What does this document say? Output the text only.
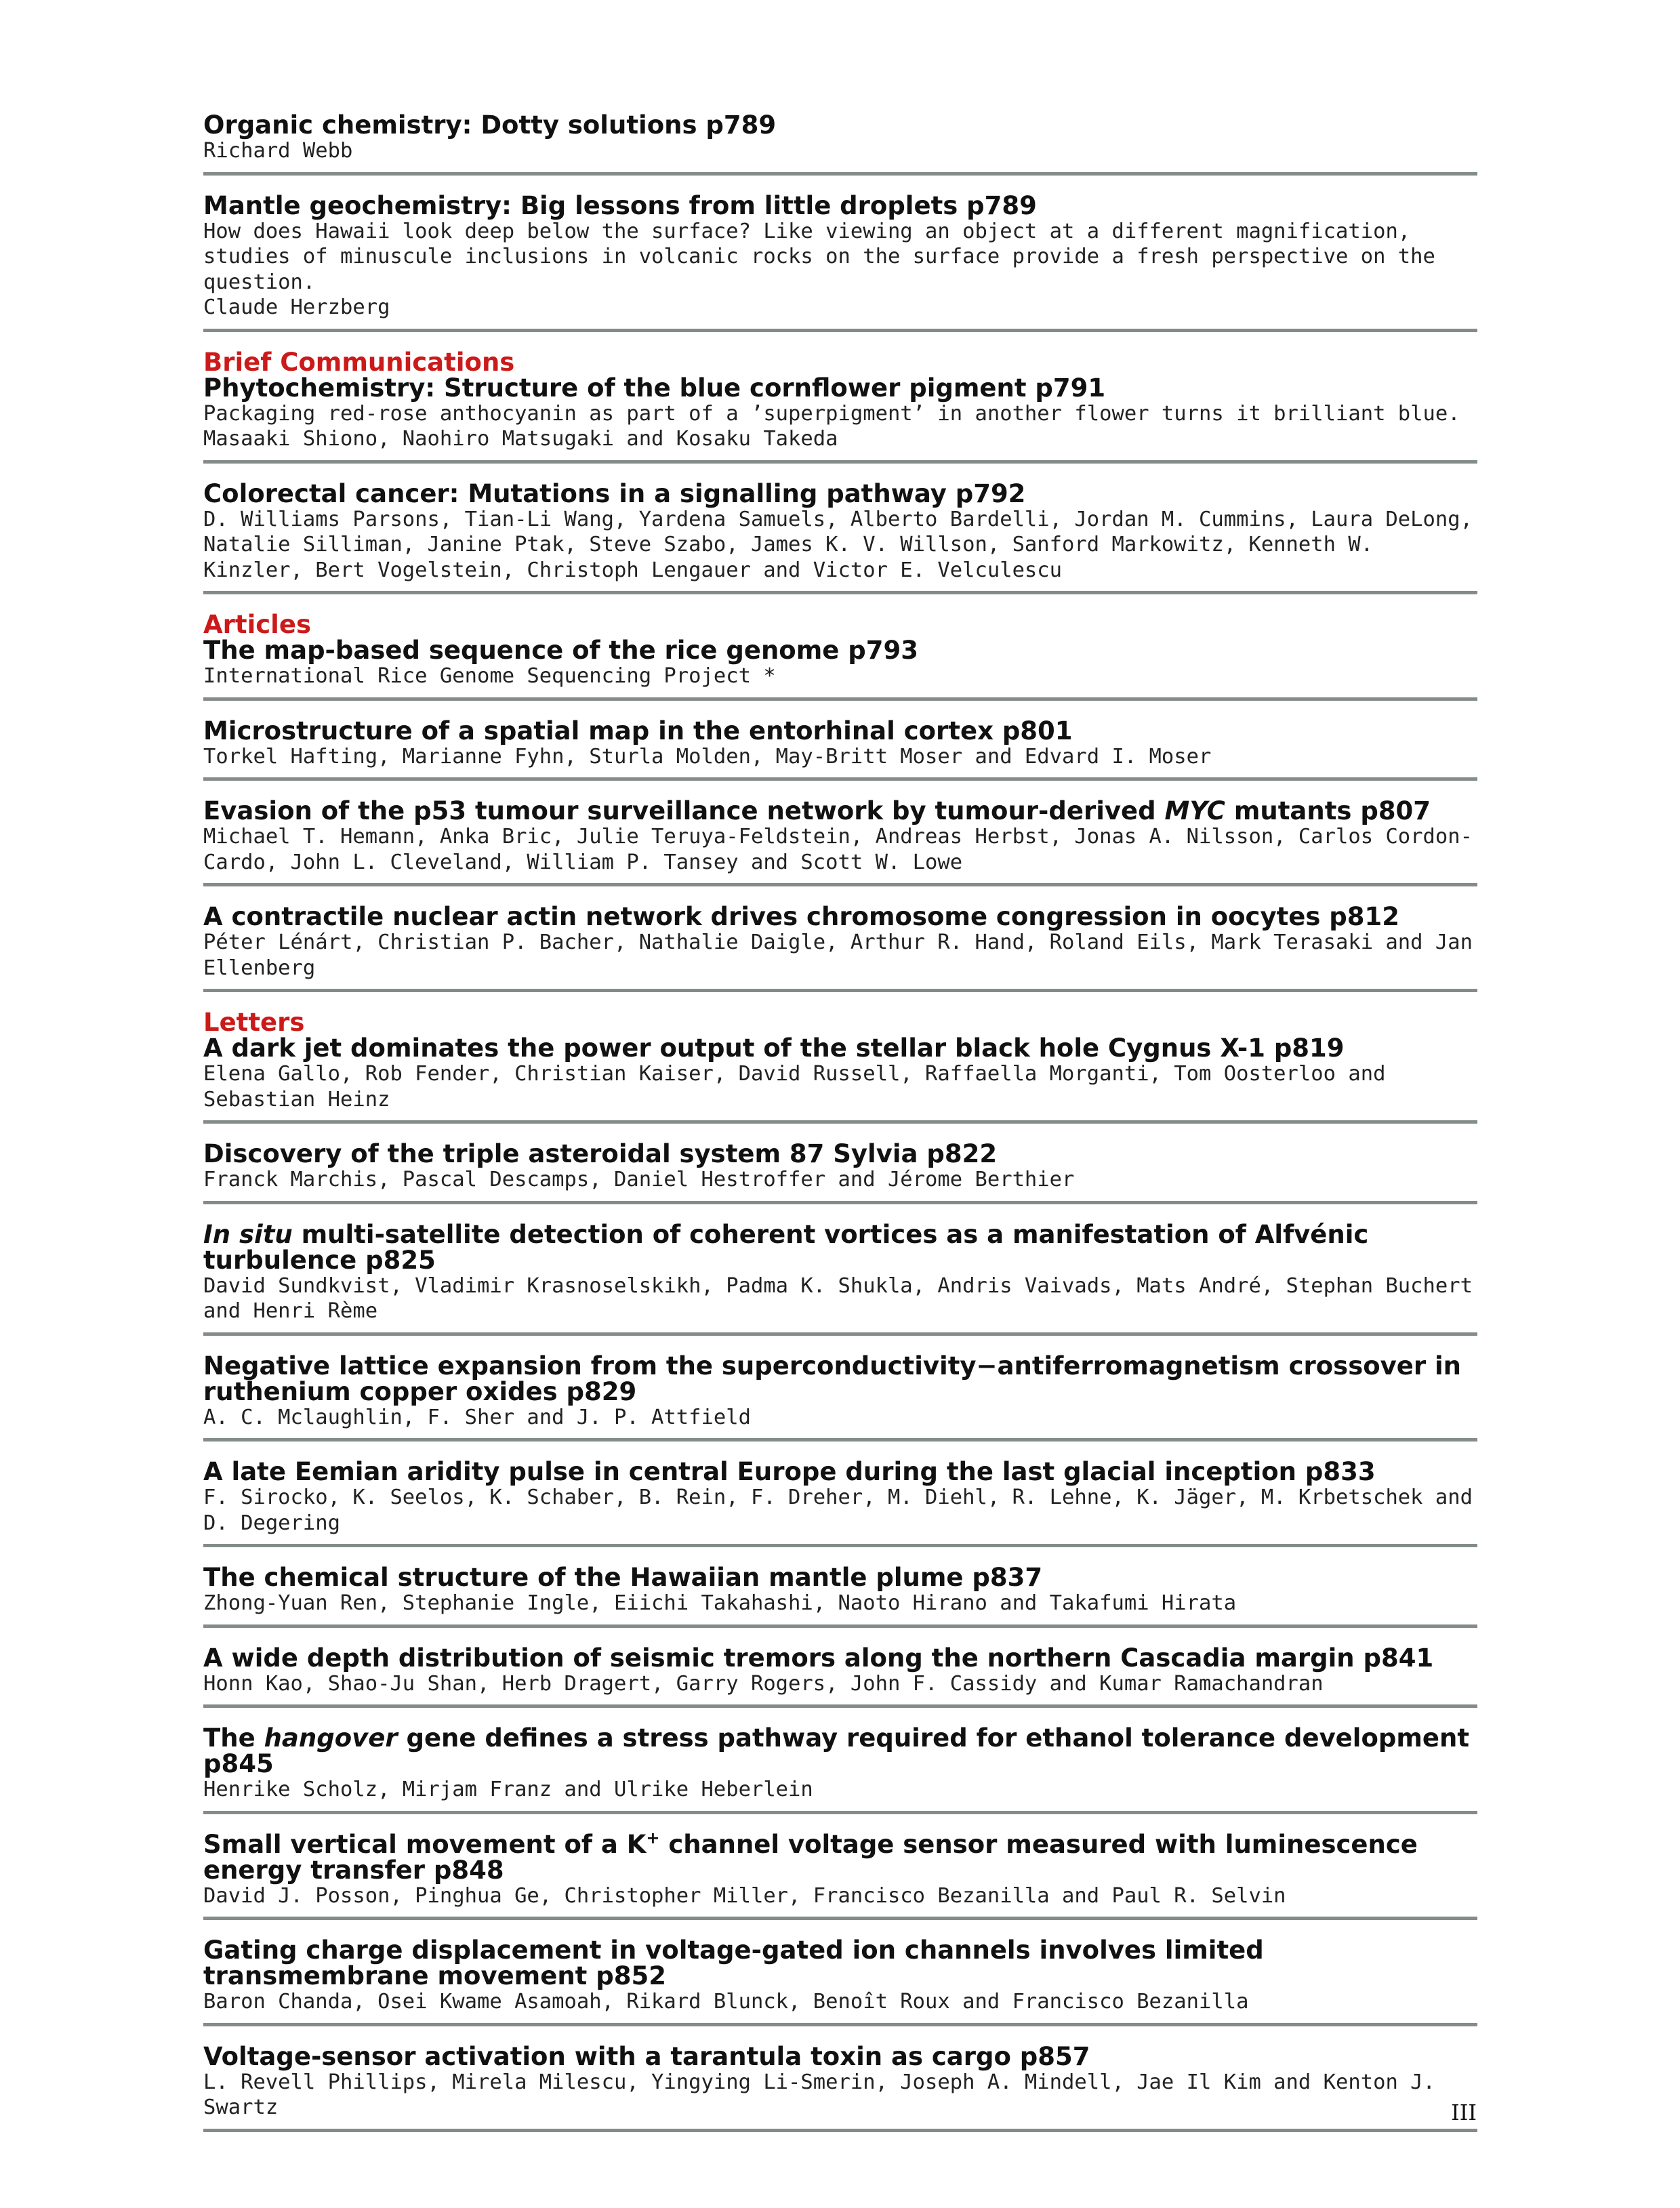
Organic chemistry: Dotty solutions p789
Richard Webb
Mantle geochemistry: Big lessons from little droplets p789
How does Hawaii look deep below the surface? Like viewing an object at a different magnification, studies of minuscule inclusions in volcanic rocks on the surface provide a fresh perspective on the question.
Claude Herzberg
Brief Communications
Phytochemistry: Structure of the blue cornflower pigment p791
Packaging red-rose anthocyanin as part of a ’superpigment’ in another flower turns it brilliant blue.
Masaaki Shiono, Naohiro Matsugaki and Kosaku Takeda
Colorectal cancer: Mutations in a signalling pathway p792
D. Williams Parsons, Tian-Li Wang, Yardena Samuels, Alberto Bardelli, Jordan M. Cummins, Laura DeLong, Natalie Silliman, Janine Ptak, Steve Szabo, James K. V. Willson, Sanford Markowitz, Kenneth W. Kinzler, Bert Vogelstein, Christoph Lengauer and Victor E. Velculescu
Articles
The map-based sequence of the rice genome p793
International Rice Genome Sequencing Project *
Microstructure of a spatial map in the entorhinal cortex p801
Torkel Hafting, Marianne Fyhn, Sturla Molden, May-Britt Moser and Edvard I. Moser
Evasion of the p53 tumour surveillance network by tumour-derived MYC mutants p807
Michael T. Hemann, Anka Bric, Julie Teruya-Feldstein, Andreas Herbst, Jonas A. Nilsson, Carlos Cordon-Cardo, John L. Cleveland, William P. Tansey and Scott W. Lowe
A contractile nuclear actin network drives chromosome congression in oocytes p812
Péter Lénárt, Christian P. Bacher, Nathalie Daigle, Arthur R. Hand, Roland Eils, Mark Terasaki and Jan Ellenberg
Letters
A dark jet dominates the power output of the stellar black hole Cygnus X-1 p819
Elena Gallo, Rob Fender, Christian Kaiser, David Russell, Raffaella Morganti, Tom Oosterloo and Sebastian Heinz
Discovery of the triple asteroidal system 87 Sylvia p822
Franck Marchis, Pascal Descamps, Daniel Hestroffer and Jérome Berthier
In situ multi-satellite detection of coherent vortices as a manifestation of Alfvénic turbulence p825
David Sundkvist, Vladimir Krasnoselskikh, Padma K. Shukla, Andris Vaivads, Mats André, Stephan Buchert and Henri Rème
Negative lattice expansion from the superconductivity−antiferromagnetism crossover in ruthenium copper oxides p829
A. C. Mclaughlin, F. Sher and J. P. Attfield
A late Eemian aridity pulse in central Europe during the last glacial inception p833
F. Sirocko, K. Seelos, K. Schaber, B. Rein, F. Dreher, M. Diehl, R. Lehne, K. Jäger, M. Krbetschek and D. Degering
The chemical structure of the Hawaiian mantle plume p837
Zhong-Yuan Ren, Stephanie Ingle, Eiichi Takahashi, Naoto Hirano and Takafumi Hirata
A wide depth distribution of seismic tremors along the northern Cascadia margin p841
Honn Kao, Shao-Ju Shan, Herb Dragert, Garry Rogers, John F. Cassidy and Kumar Ramachandran
The hangover gene defines a stress pathway required for ethanol tolerance development p845
Henrike Scholz, Mirjam Franz and Ulrike Heberlein
Small vertical movement of a K+ channel voltage sensor measured with luminescence energy transfer p848
David J. Posson, Pinghua Ge, Christopher Miller, Francisco Bezanilla and Paul R. Selvin
Gating charge displacement in voltage-gated ion channels involves limited transmembrane movement p852
Baron Chanda, Osei Kwame Asamoah, Rikard Blunck, Benoît Roux and Francisco Bezanilla
Voltage-sensor activation with a tarantula toxin as cargo p857
L. Revell Phillips, Mirela Milescu, Yingying Li-Smerin, Joseph A. Mindell, Jae Il Kim and Kenton J. Swartz	III
